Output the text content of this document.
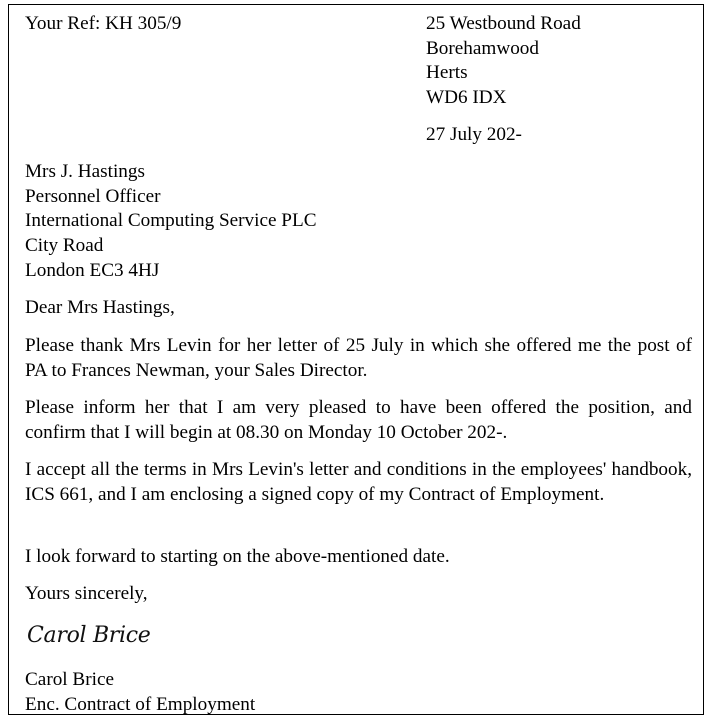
Your Ref: KH 305/9	25 Westbound Road
Borehamwood
Herts
WD6 IDX
27 July 202-
Mrs J. Hastings
Personnel Officer
International Computing Service PLC
City Road
London EC3 4HJ
Dear Mrs Hastings,
Please thank Mrs Levin for her letter of 25 July in which she offered me the post of PA to Frances Newman, your Sales Director.
Please inform her that I am very pleased to have been offered the position, and confirm that I will begin at 08.30 on Monday 10 October 202-.
I accept all the terms in Mrs Levin's letter and conditions in the employees' handbook, ICS 661, and I am enclosing a signed copy of my Contract of Employment.
I look forward to starting on the above-mentioned date.
Yours sincerely,
Carol Brice
Carol Brice
Enc. Contract of Employment
